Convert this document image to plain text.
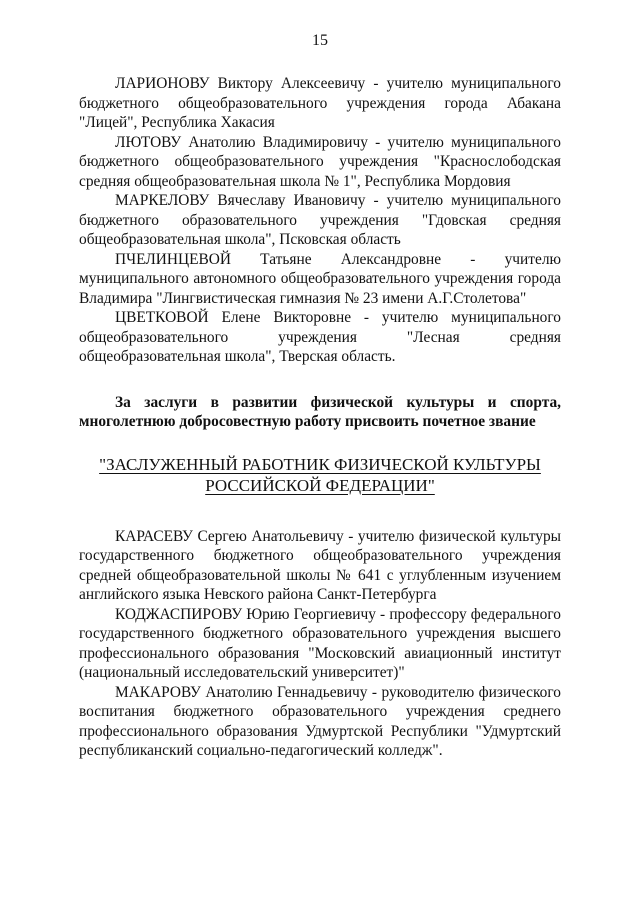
15

ЛАРИОНОВУ Виктору Алексеевичу - учителю муниципального бюджетного общеобразовательного учреждения города Абакана "Лицей", Республика Хакасия

ЛЮТОВУ Анатолию Владимировичу - учителю муниципального бюджетного общеобразовательного учреждения "Краснослободская средняя общеобразовательная школа № 1", Республика Мордовия

МАРКЕЛОВУ Вячеславу Ивановичу - учителю муниципального бюджетного образовательного учреждения "Гдовская средняя общеобразовательная школа", Псковская область

ПЧЕЛИНЦЕВОЙ Татьяне Александровне - учителю муниципального автономного общеобразовательного учреждения города Владимира "Лингвистическая гимназия № 23 имени А.Г.Столетова"

ЦВЕТКОВОЙ Елене Викторовне - учителю муниципального общеобразовательного учреждения "Лесная средняя общеобразовательная школа", Тверская область.

За заслуги в развитии физической культуры и спорта, многолетнюю добросовестную работу присвоить почетное звание

"ЗАСЛУЖЕННЫЙ РАБОТНИК ФИЗИЧЕСКОЙ КУЛЬТУРЫ
РОССИЙСКОЙ ФЕДЕРАЦИИ"

КАРАСЕВУ Сергею Анатольевичу - учителю физической культуры государственного бюджетного общеобразовательного учреждения средней общеобразовательной школы № 641 с углубленным изучением английского языка Невского района Санкт-Петербурга

КОДЖАСПИРОВУ Юрию Георгиевичу - профессору федерального государственного бюджетного образовательного учреждения высшего профессионального образования "Московский авиационный институт (национальный исследовательский университет)"

МАКАРОВУ Анатолию Геннадьевичу - руководителю физического воспитания бюджетного образовательного учреждения среднего профессионального образования Удмуртской Республики "Удмуртский республиканский социально-педагогический колледж".
